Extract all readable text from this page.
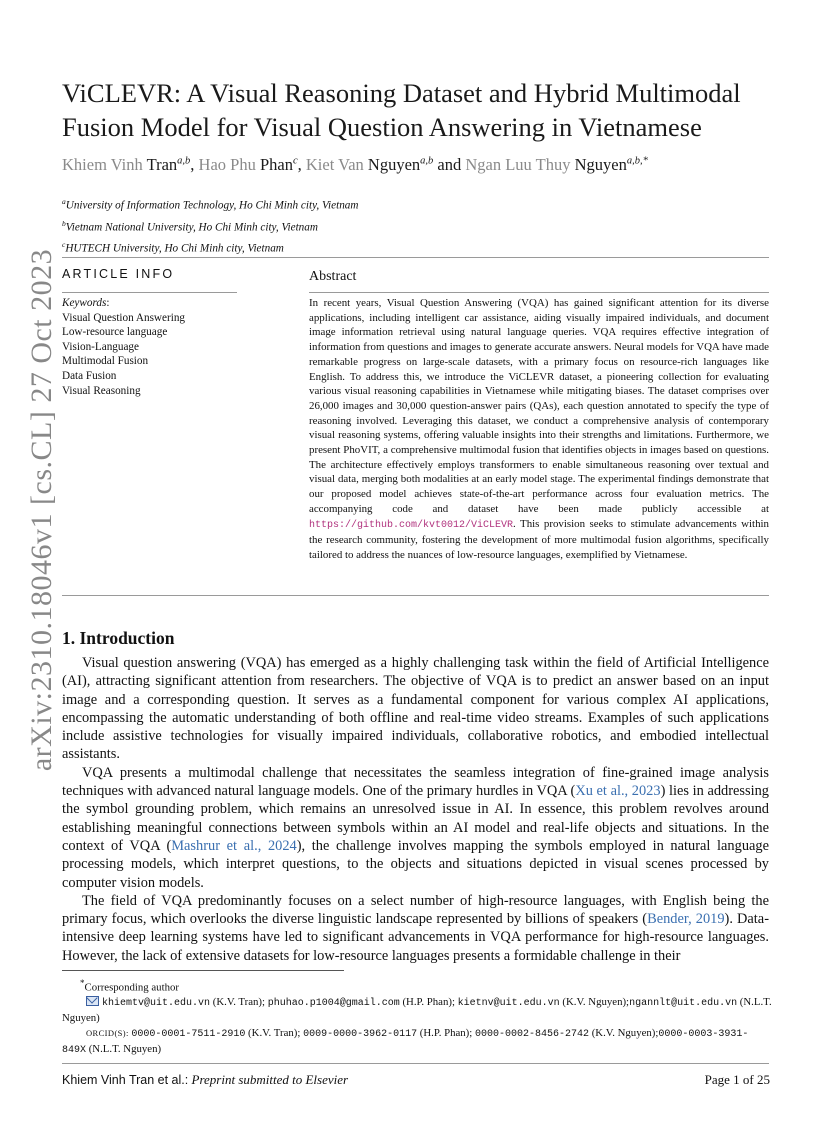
arXiv:2310.18046v1 [cs.CL] 27 Oct 2023
ViCLEVR: A Visual Reasoning Dataset and Hybrid Multimodal
Fusion Model for Visual Question Answering in Vietnamese
Khiem Vinh Tran$^{a,b}$, Hao Phu Phan$^c$, Kiet Van Nguyen$^{a,b}$ and Ngan Luu Thuy Nguyen$^{a,b,*}$
$^a$University of Information Technology, Ho Chi Minh city, Vietnam
$^b$Vietnam National University, Ho Chi Minh city, Vietnam
$^c$HUTECH University, Ho Chi Minh city, Vietnam
ARTICLE INFO
Keywords:
Visual Question Answering
Low-resource language
Vision-Language
Multimodal Fusion
Data Fusion
Visual Reasoning
Abstract
In recent years, Visual Question Answering (VQA) has gained significant attention for its diverse applications, including intelligent car assistance, aiding visually impaired individuals, and document image information retrieval using natural language queries. VQA requires effective integration of information from questions and images to generate accurate answers. Neural models for VQA have made remarkable progress on large-scale datasets, with a primary focus on resource-rich languages like English. To address this, we introduce the ViCLEVR dataset, a pioneering collection for evaluating various visual reasoning capabilities in Vietnamese while mitigating biases. The dataset comprises over 26,000 images and 30,000 question-answer pairs (QAs), each question annotated to specify the type of reasoning involved. Leveraging this dataset, we conduct a comprehensive analysis of contemporary visual reasoning systems, offering valuable insights into their strengths and limitations. Furthermore, we present PhoVIT, a comprehensive multimodal fusion that identifies objects in images based on questions. The architecture effectively employs transformers to enable simultaneous reasoning over textual and visual data, merging both modalities at an early model stage. The experimental findings demonstrate that our proposed model achieves state-of-the-art performance across four evaluation metrics. The accompanying code and dataset have been made publicly accessible at https://github.com/kvt0012/ViCLEVR. This provision seeks to stimulate advancements within the research community, fostering the development of more multimodal fusion algorithms, specifically tailored to address the nuances of low-resource languages, exemplified by Vietnamese.
1. Introduction

Visual question answering (VQA) has emerged as a highly challenging task within the field of Artificial Intelligence (AI), attracting significant attention from researchers. The objective of VQA is to predict an answer based on an input image and a corresponding question. It serves as a fundamental component for various complex AI applications, encompassing the automatic understanding of both offline and real-time video streams. Examples of such applications include assistive technologies for visually impaired individuals, collaborative robotics, and embodied intellectual assistants.

VQA presents a multimodal challenge that necessitates the seamless integration of fine-grained image analysis techniques with advanced natural language models. One of the primary hurdles in VQA (Xu et al., 2023) lies in addressing the symbol grounding problem, which remains an unresolved issue in AI. In essence, this problem revolves around establishing meaningful connections between symbols within an AI model and real-life objects and situations. In the context of VQA (Mashrur et al., 2024), the challenge involves mapping the symbols employed in natural language processing models, which interpret questions, to the objects and situations depicted in visual scenes processed by computer vision models.

The field of VQA predominantly focuses on a select number of high-resource languages, with English being the primary focus, which overlooks the diverse linguistic landscape represented by billions of speakers (Bender, 2019). Data-intensive deep learning systems have led to significant advancements in VQA performance for high-resource languages. However, the lack of extensive datasets for low-resource languages presents a formidable challenge in their

*Corresponding author

khiemtv@uit.edu.vn (K.V. Tran); phuhao.p1004@gmail.com (H.P. Phan); kietnv@uit.edu.vn (K.V. Nguyen);ngannlt@uit.edu.vn (N.L.T. Nguyen)

ORCID(S): 0000-0001-7511-2910 (K.V. Tran); 0009-0000-3962-0117 (H.P. Phan); 0000-0002-8456-2742 (K.V. Nguyen);0000-0003-3931-849X (N.L.T. Nguyen)

Khiem Vinh Tran et al.: Preprint submitted to Elsevier	Page 1 of 25
